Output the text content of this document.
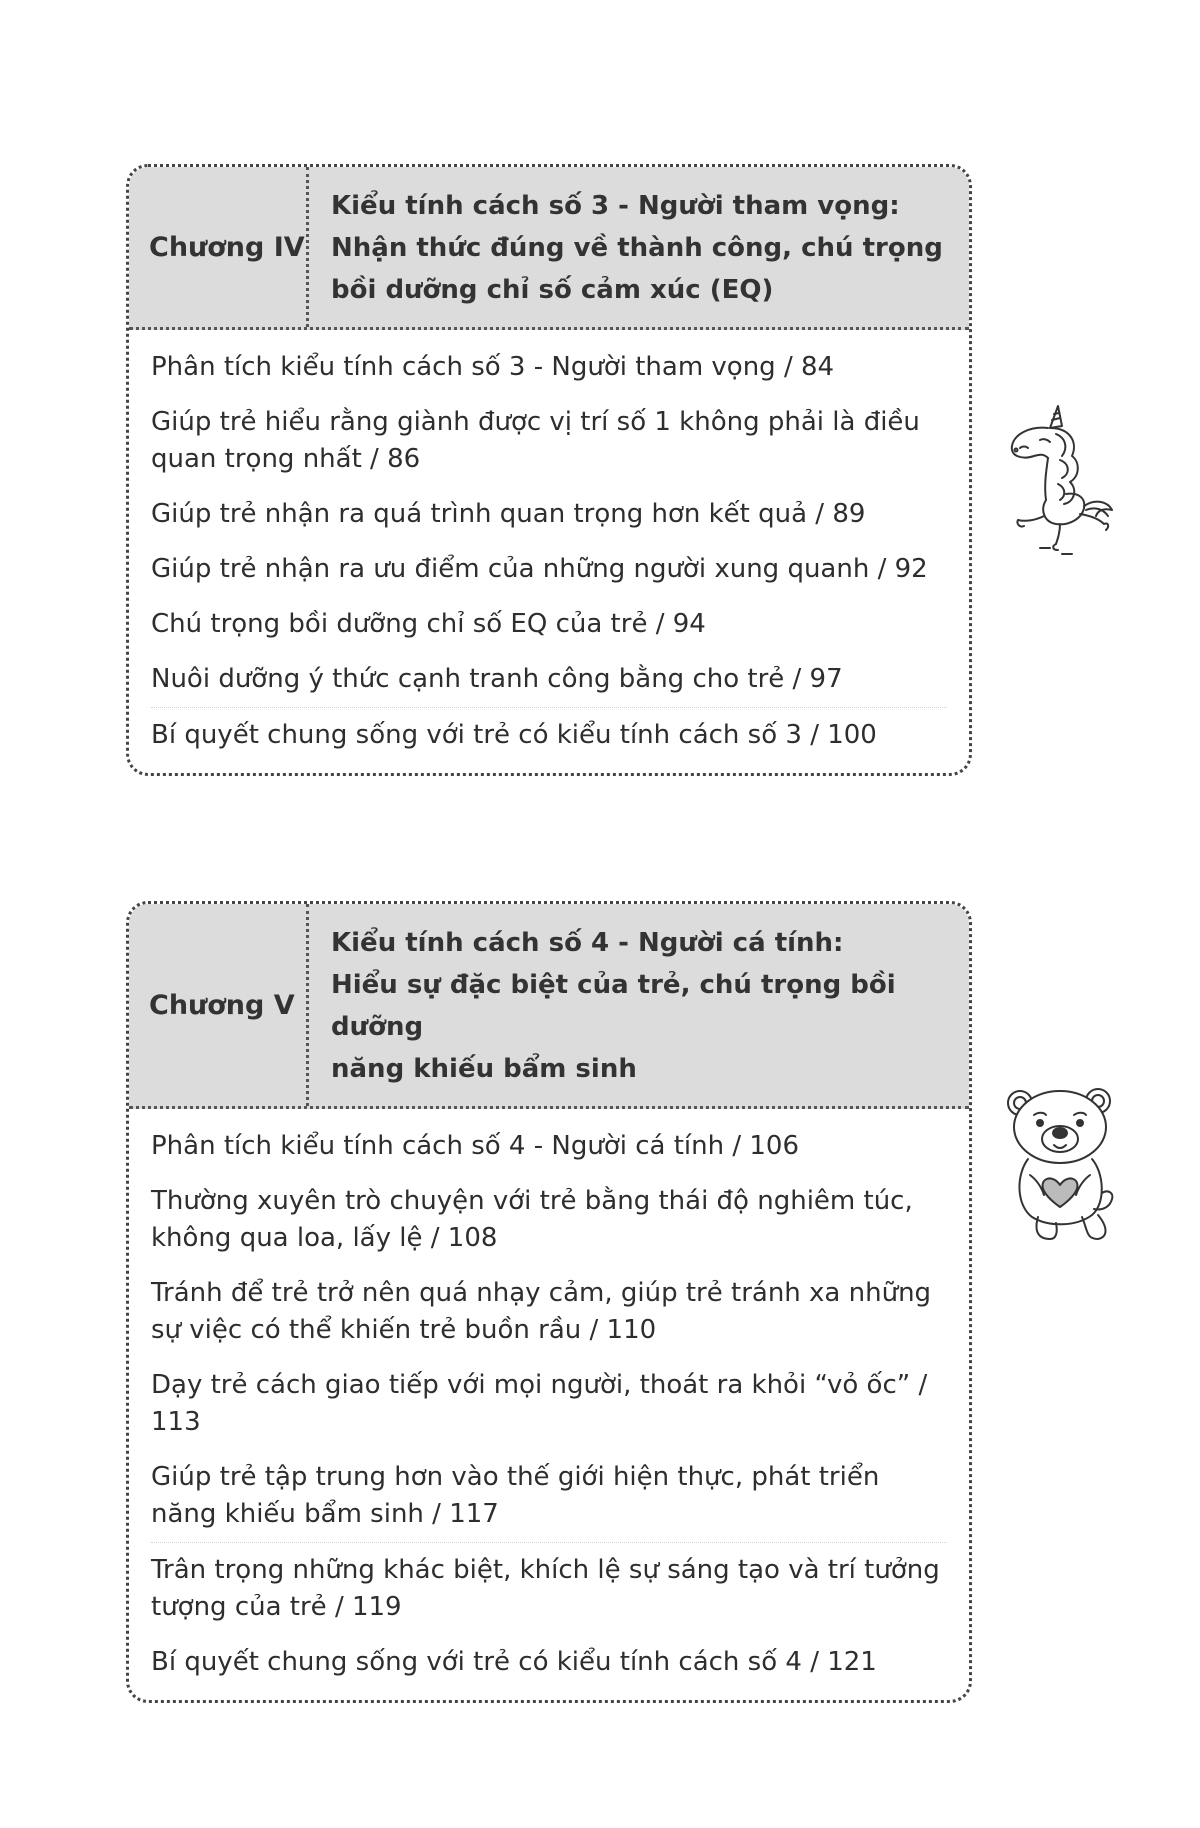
Chương IV
Kiểu tính cách số 3 - Người tham vọng:
Nhận thức đúng về thành công, chú trọng
bồi dưỡng chỉ số cảm xúc (EQ)
Phân tích kiểu tính cách số 3 - Người tham vọng / 84
Giúp trẻ hiểu rằng giành được vị trí số 1 không phải là điều quan trọng nhất / 86
Giúp trẻ nhận ra quá trình quan trọng hơn kết quả / 89
Giúp trẻ nhận ra ưu điểm của những người xung quanh / 92
Chú trọng bồi dưỡng chỉ số EQ của trẻ / 94
Nuôi dưỡng ý thức cạnh tranh công bằng cho trẻ / 97
Bí quyết chung sống với trẻ có kiểu tính cách số 3 / 100
Chương V
Kiểu tính cách số 4 - Người cá tính:
Hiểu sự đặc biệt của trẻ, chú trọng bồi dưỡng
năng khiếu bẩm sinh
Phân tích kiểu tính cách số 4 - Người cá tính / 106
Thường xuyên trò chuyện với trẻ bằng thái độ nghiêm túc, không qua loa, lấy lệ / 108
Tránh để trẻ trở nên quá nhạy cảm, giúp trẻ tránh xa những sự việc có thể khiến trẻ buồn rầu / 110
Dạy trẻ cách giao tiếp với mọi người, thoát ra khỏi “vỏ ốc” / 113
Giúp trẻ tập trung hơn vào thế giới hiện thực, phát triển năng khiếu bẩm sinh / 117
Trân trọng những khác biệt, khích lệ sự sáng tạo và trí tưởng tượng của trẻ / 119
Bí quyết chung sống với trẻ có kiểu tính cách số 4 / 121
